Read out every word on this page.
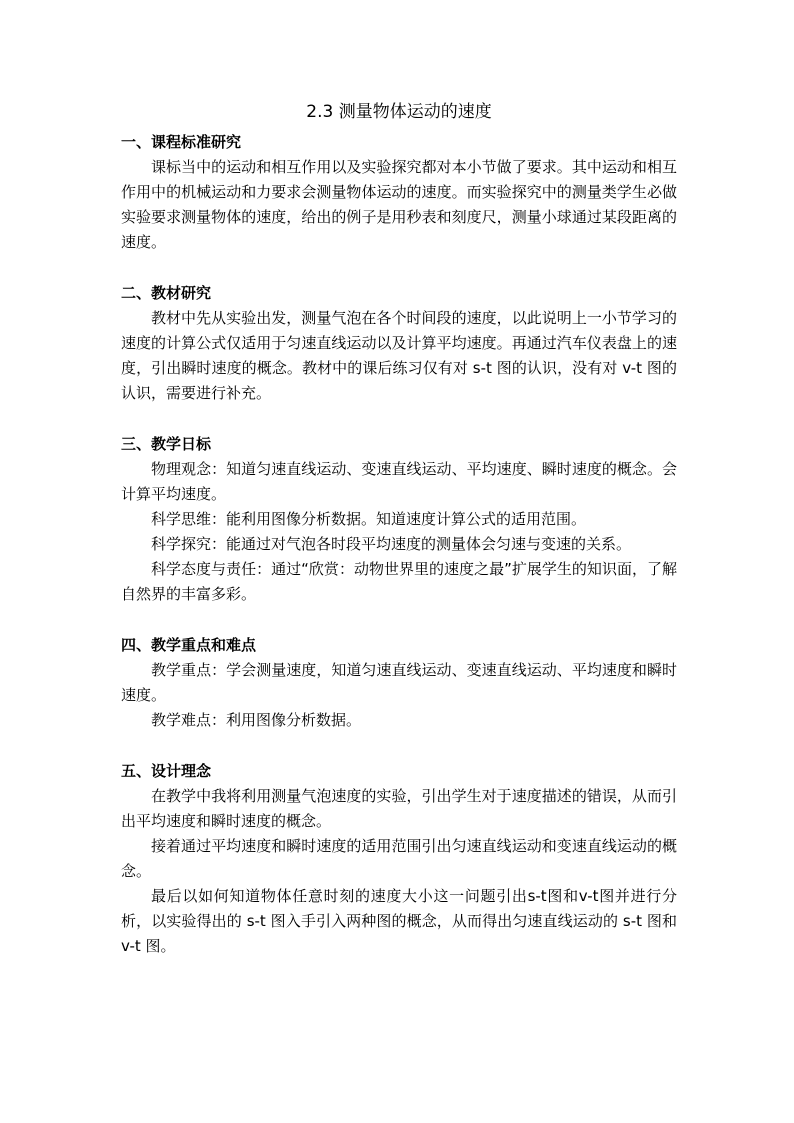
2.3 测量物体运动的速度
一、课程标准研究

课标当中的运动和相互作用以及实验探究都对本小节做了要求。其中运动和相互作用中的机械运动和力要求会测量物体运动的速度。而实验探究中的测量类学生必做实验要求测量物体的速度，给出的例子是用秒表和刻度尺，测量小球通过某段距离的速度。

二、教材研究

教材中先从实验出发，测量气泡在各个时间段的速度，以此说明上一小节学习的速度的计算公式仅适用于匀速直线运动以及计算平均速度。再通过汽车仪表盘上的速度，引出瞬时速度的概念。教材中的课后练习仅有对 s-t 图的认识，没有对 v-t 图的认识，需要进行补充。

三、教学日标

物理观念：知道匀速直线运动、变速直线运动、平均速度、瞬时速度的概念。会计算平均速度。

科学思维：能利用图像分析数据。知道速度计算公式的适用范围。

科学探究：能通过对气泡各时段平均速度的测量体会匀速与变速的关系。

科学态度与责任：通过“欣赏：动物世界里的速度之最”扩展学生的知识面，了解自然界的丰富多彩。

四、教学重点和难点

教学重点：学会测量速度，知道匀速直线运动、变速直线运动、平均速度和瞬时速度。

教学难点：利用图像分析数据。

五、设计理念

在教学中我将利用测量气泡速度的实验，引出学生对于速度描述的错误，从而引出平均速度和瞬时速度的概念。

接着通过平均速度和瞬时速度的适用范围引出匀速直线运动和变速直线运动的概念。

最后以如何知道物体任意时刻的速度大小这一问题引出s-t图和v-t图并进行分析，以实验得出的 s-t 图入手引入两种图的概念，从而得出匀速直线运动的 s-t 图和 v-t 图。
